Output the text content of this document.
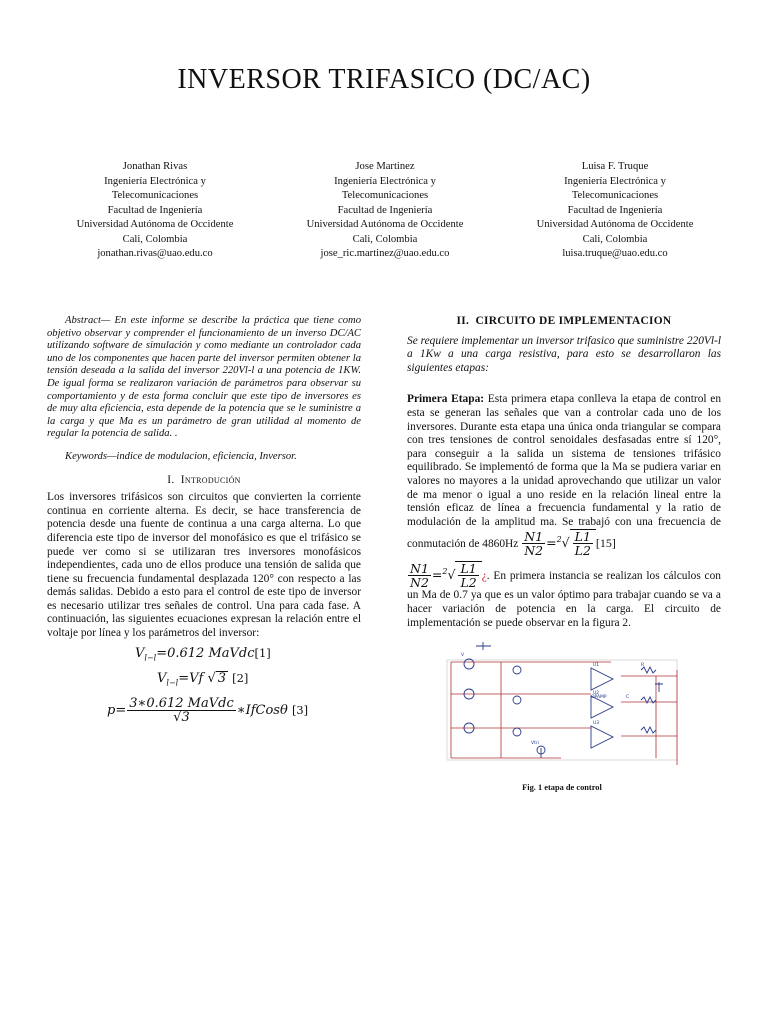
INVERSOR TRIFASICO (DC/AC)
Jonathan Rivas
Ingeniería Electrónica y
Telecomunicaciones
Facultad de Ingeniería
Universidad Autónoma de Occidente
Cali, Colombia
jonathan.rivas@uao.edu.co
Jose Martinez
Ingeniería Electrónica y
Telecomunicaciones
Facultad de Ingeniería
Universidad Autónoma de Occidente
Cali, Colombia
jose_ric.martinez@uao.edu.co
Luisa F. Truque
Ingeniería Electrónica y
Telecomunicaciones
Facultad de Ingeniería
Universidad Autónoma de Occidente
Cali, Colombia
luisa.truque@uao.edu.co

Abstract— En este informe se describe la práctica que tiene como objetivo observar y comprender el funcionamiento de un inverso DC/AC utilizando software de simulación y como mediante un controlador cada uno de los componentes que hacen parte del inversor permiten obtener la tensión deseada a la salida del inversor 220Vl-l a una potencia de 1KW. De igual forma se realizaron variación de parámetros para observar su comportamiento y de esta forma concluir que este tipo de inversores es de muy alta eficiencia, esta depende de la potencia que se le suministre a la carga y que Ma es un parámetro de gran utilidad al momento de regular la potencia de salida. .

Keywords—indice de modulacion, eficiencia, Inversor.

I. Introdución

Los inversores trifásicos son circuitos que convierten la corriente continua en corriente alterna. Es decir, se hace transferencia de potencia desde una fuente de continua a una carga alterna. Lo que diferencia este tipo de inversor del monofásico es que el trifásico se puede ver como si se utilizaran tres inversores monofásicos independientes, cada uno de ellos produce una tensión de salida que tiene su frecuencia fundamental desplazada 120° con respecto a las demás salidas. Debido a esto para el control de este tipo de inversor es necesario utilizar tres señales de control. Una para cada fase. A continuación, las siguientes ecuaciones expresan la relación entre el voltaje por línea y los parámetros del inversor:

$V_{l-l}=0.612$ MaVdc[1]
$V_{l-l}=Vf$ √ 3 [2]
$p= \frac{\text{3∗0.612 MaVdc}}{√3}$ ∗IfCosθ [3]
II. CIRCUITO DE IMPLEMENTACION

Se requiere implementar un inversor trifasico que suministre 220Vl-l a 1Kw a una carga resistiva, para esto se desarrollaron las siguientes etapas:

Primera Etapa: Esta primera etapa conlleva la etapa de control en esta se generan las señales que van a controlar cada uno de los inversores. Durante esta etapa una única onda triangular se compara con tres tensiones de control senoidales desfasadas entre sí 120°, para conseguir a la salida un sistema de tensiones trifásico equilibrado. Se implementó de forma que la Ma se pudiera variar en valores no mayores a la unidad aprovechando que utilizar un valor de ma menor o igual a uno reside en la relación lineal entre la tensión eficaz de línea a frecuencia fundamental y la ratio de modulación de la amplitud ma. Se trabajó con una frecuencia de conmutación de $4860Hz \frac{N1}{N2} =^2√ \frac{L1}{L2} [15]$

$\frac{N1}{N2} =^2√ \frac{L1}{L2}$ ¿. En primera instancia se realizan los cálculos con un Ma de 0.7 ya que es un valor óptimo para trabajar cuando se va a hacer variación de potencia en la carga. El circuito de implementación se puede observar en la figura 2.

U1
U2
U3
OPAMP
R
C
V
Vtri
Fig. 1 etapa de control
